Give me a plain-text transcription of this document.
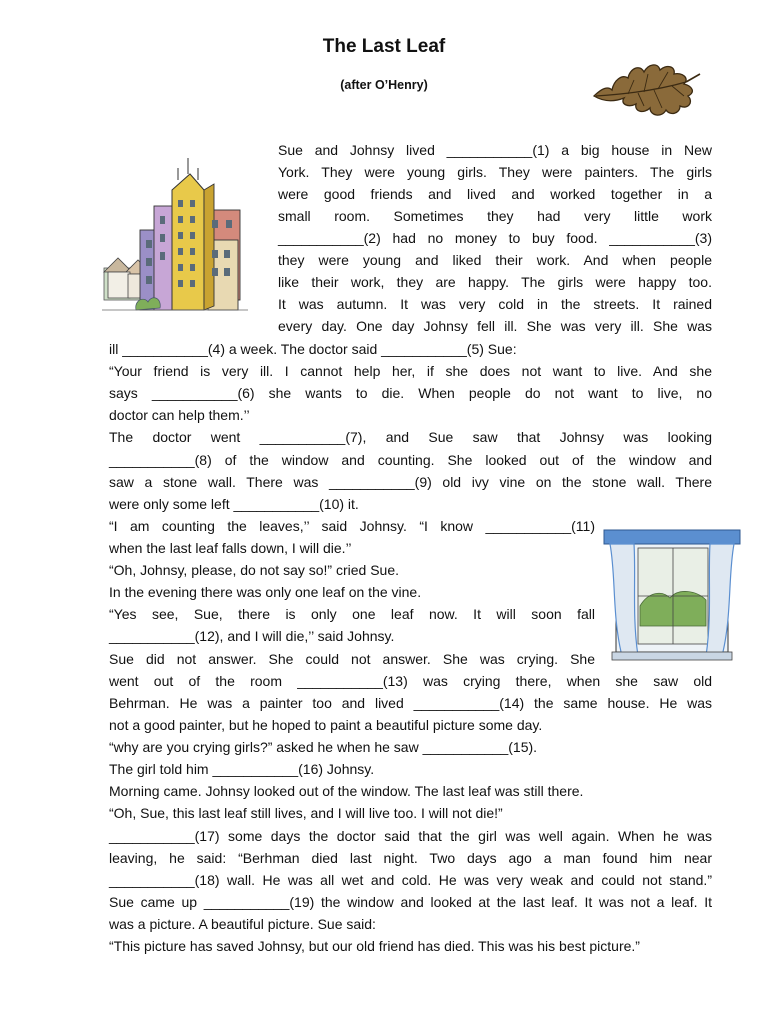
The Last Leaf
(after O’Henry)
Sue and Johnsy lived ___________(1) a big house in New
York. They were young girls. They were painters. The girls
were good friends and lived and worked together in a
small room. Sometimes they had very little work
___________(2) had no money to buy food. ___________(3)
they were young and liked their work. And when people
like their work, they are happy. The girls were happy too.
It was autumn. It was very cold in the streets. It rained
every day. One day Johnsy fell ill. She was very ill. She was
ill ___________(4) a week. The doctor said ___________(5) Sue:
“Your friend is very ill. I cannot help her, if she does not want to live. And she
says ___________(6) she wants to die. When people do not want to live, no
doctor can help them.’’
The doctor went ___________(7), and Sue saw that Johnsy was looking
___________(8) of the window and counting. She looked out of the window and
saw a stone wall. There was ___________(9) old ivy vine on the stone wall. There
were only some left ___________(10) it.
“I am counting the leaves,’’ said Johnsy. “I know ___________(11)
when the last leaf falls down, I will die.’’
“Oh, Johnsy, please, do not say so!” cried Sue.
In the evening there was only one leaf on the vine.
“Yes see, Sue, there is only one leaf now. It will soon fall
___________(12), and I will die,’’ said Johnsy.
Sue did not answer. She could not answer. She was crying. She
went out of the room ___________(13) was crying there, when she saw old
Behrman. He was a painter too and lived ___________(14) the same house. He was
not a good painter, but he hoped to paint a beautiful picture some day.
“why are you crying girls?” asked he when he saw ___________(15).
The girl told him ___________(16) Johnsy.
Morning came. Johnsy looked out of the window. The last leaf was still there.
“Oh, Sue, this last leaf still lives, and I will live too. I will not die!”
___________(17) some days the doctor said that the girl was well again. When he was
leaving, he said: “Berhman died last night. Two days ago a man found him near
___________(18) wall. He was all wet and cold. He was very weak and could not stand.”
Sue came up ___________(19) the window and looked at the last leaf. It was not a leaf. It
was a picture. A beautiful picture. Sue said:
“This picture has saved Johnsy, but our old friend has died. This was his best picture.”
